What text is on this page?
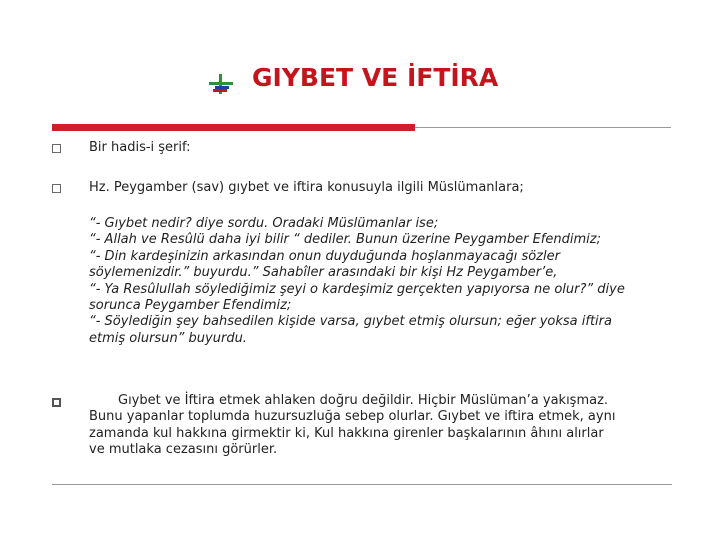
GIYBET VE İFTİRA
Bir hadis-i şerif:
Hz. Peygamber (sav) gıybet ve iftira konusuyla ilgili Müslümanlara;
“- Gıybet nedir? diye sordu. Oradaki Müslümanlar ise;
“- Allah ve Resûlü daha iyi bilir “ dediler. Bunun üzerine Peygamber Efendimiz;
“- Din kardeşinizin arkasından onun duyduğunda hoşlanmayacağı sözler
söylemenizdir.” buyurdu.” Sahabîler arasındaki bir kişi Hz Peygamber’e,
“- Ya Resûlullah söylediğimiz şeyi o kardeşimiz gerçekten yapıyorsa ne olur?” diye
sorunca Peygamber Efendimiz;
“- Söylediğin şey bahsedilen kişide varsa, gıybet etmiş olursun; eğer yoksa iftira
etmiş olursun” buyurdu.
Gıybet ve İftira etmek ahlaken doğru değildir. Hiçbir Müslüman’a yakışmaz.
Bunu yapanlar toplumda huzursuzluğa sebep olurlar. Gıybet ve iftira etmek, aynı
zamanda kul hakkına girmektir ki, Kul hakkına girenler başkalarının âhını alırlar
ve mutlaka cezasını görürler.
